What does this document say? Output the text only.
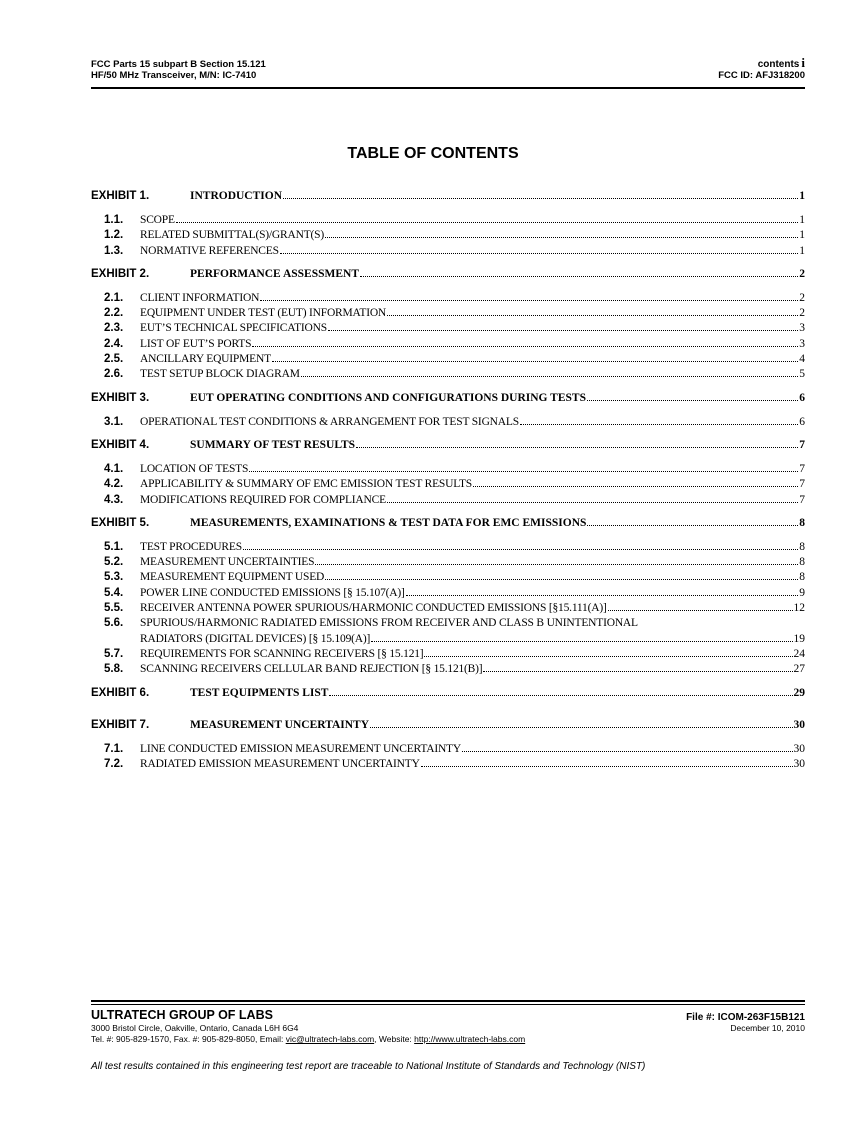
FCC Parts 15 subpart B Section 15.121	contents i
HF/50 MHz Transceiver, M/N: IC-7410	FCC ID: AFJ318200
TABLE OF CONTENTS
EXHIBIT 1.	INTRODUCTION	1
1.1.	SCOPE	1
1.2.	RELATED SUBMITTAL(S)/GRANT(S)	1
1.3.	NORMATIVE REFERENCES	1
EXHIBIT 2.	PERFORMANCE ASSESSMENT	2
2.1.	CLIENT INFORMATION	2
2.2.	EQUIPMENT UNDER TEST (EUT) INFORMATION	2
2.3.	EUT’S TECHNICAL SPECIFICATIONS	3
2.4.	LIST OF EUT’S PORTS	3
2.5.	ANCILLARY EQUIPMENT	4
2.6.	TEST SETUP BLOCK DIAGRAM	5
EXHIBIT 3.	EUT OPERATING CONDITIONS AND CONFIGURATIONS DURING TESTS	6
3.1.	OPERATIONAL TEST CONDITIONS & ARRANGEMENT FOR TEST SIGNALS	6
EXHIBIT 4.	SUMMARY OF TEST RESULTS	7
4.1.	LOCATION OF TESTS	7
4.2.	APPLICABILITY & SUMMARY OF EMC EMISSION TEST RESULTS	7
4.3.	MODIFICATIONS REQUIRED FOR COMPLIANCE	7
EXHIBIT 5.	MEASUREMENTS, EXAMINATIONS & TEST DATA FOR EMC EMISSIONS	8
5.1.	TEST PROCEDURES	8
5.2.	MEASUREMENT UNCERTAINTIES	8
5.3.	MEASUREMENT EQUIPMENT USED	8
5.4.	POWER LINE CONDUCTED EMISSIONS [§ 15.107(A)]	9
5.5.	RECEIVER ANTENNA POWER SPURIOUS/HARMONIC CONDUCTED EMISSIONS [§15.111(A)]	12
5.6.	SPURIOUS/HARMONIC RADIATED EMISSIONS FROM RECEIVER AND CLASS B UNINTENTIONAL
RADIATORS (DIGITAL DEVICES) [§ 15.109(A)]	19
5.7.	REQUIREMENTS FOR SCANNING RECEIVERS [§ 15.121]	24
5.8.	SCANNING RECEIVERS CELLULAR BAND REJECTION [§ 15.121(B)]	27
EXHIBIT 6.	TEST EQUIPMENTS LIST	29
EXHIBIT 7.	MEASUREMENT UNCERTAINTY	30
7.1.	LINE CONDUCTED EMISSION MEASUREMENT UNCERTAINTY	30
7.2.	RADIATED EMISSION MEASUREMENT UNCERTAINTY	30
ULTRATECH GROUP OF LABS	File #: ICOM-263F15B121
3000 Bristol Circle, Oakville, Ontario, Canada L6H 6G4	December 10, 2010
Tel. #: 905-829-1570, Fax. #: 905-829-8050, Email: vic@ultratech-labs.com, Website: http://www.ultratech-labs.com
All test results contained in this engineering test report are traceable to National Institute of Standards and Technology (NIST)
